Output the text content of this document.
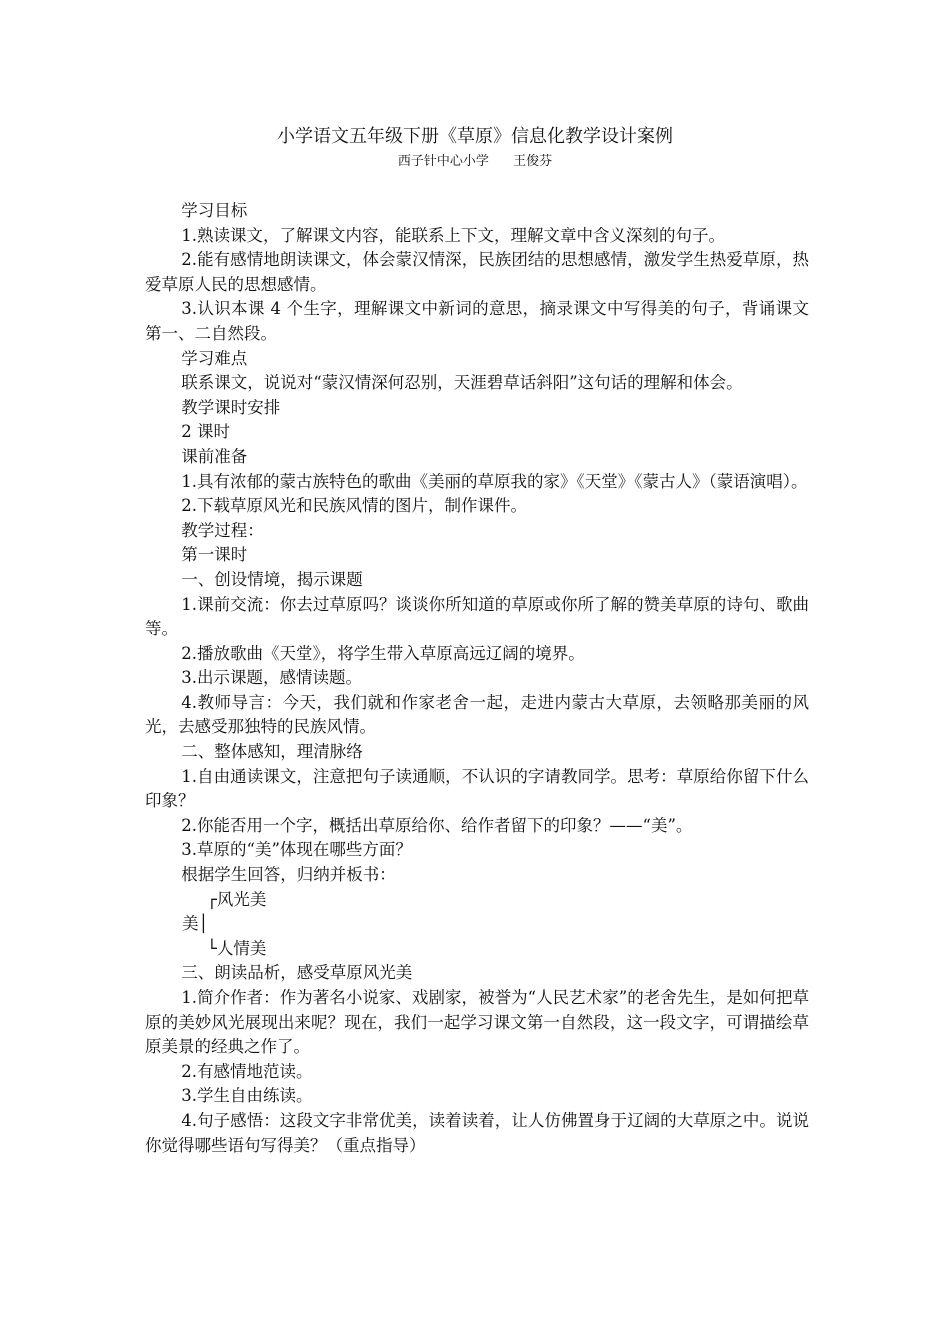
小学语文五年级下册《草原》信息化教学设计案例
西子针中心小学 王俊芬

学习目标

1.熟读课文，了解课文内容，能联系上下文，理解文章中含义深刻的句子。

2.能有感情地朗读课文，体会蒙汉情深，民族团结的思想感情，激发学生热爱草原，热爱草原人民的思想感情。

3.认识本课 4 个生字，理解课文中新词的意思，摘录课文中写得美的句子，背诵课文第一、二自然段。

学习难点

联系课文，说说对“蒙汉情深何忍别，天涯碧草话斜阳”这句话的理解和体会。

教学课时安排

2 课时

课前准备

1.具有浓郁的蒙古族特色的歌曲《美丽的草原我的家》《天堂》《蒙古人》（蒙语演唱）。

2.下载草原风光和民族风情的图片，制作课件。

教学过程：

第一课时

一、创设情境，揭示课题

1.课前交流：你去过草原吗？谈谈你所知道的草原或你所了解的赞美草原的诗句、歌曲等。

2.播放歌曲《天堂》，将学生带入草原高远辽阔的境界。

3.出示课题，感情读题。

4.教师导言：今天，我们就和作家老舍一起，走进内蒙古大草原，去领略那美丽的风光，去感受那独特的民族风情。

二、整体感知，理清脉络

1.自由通读课文，注意把句子读通顺，不认识的字请教同学。思考：草原给你留下什么印象？

2.你能否用一个字，概括出草原给你、给作者留下的印象？——“美”。

3.草原的“美”体现在哪些方面？

根据学生回答，归纳并板书：

┌风光美
美│
└人情美

三、朗读品析，感受草原风光美

1.简介作者：作为著名小说家、戏剧家，被誉为“人民艺术家”的老舍先生，是如何把草原的美妙风光展现出来呢？现在，我们一起学习课文第一自然段，这一段文字，可谓描绘草原美景的经典之作了。

2.有感情地范读。

3.学生自由练读。

4.句子感悟：这段文字非常优美，读着读着，让人仿佛置身于辽阔的大草原之中。说说你觉得哪些语句写得美？（重点指导）
